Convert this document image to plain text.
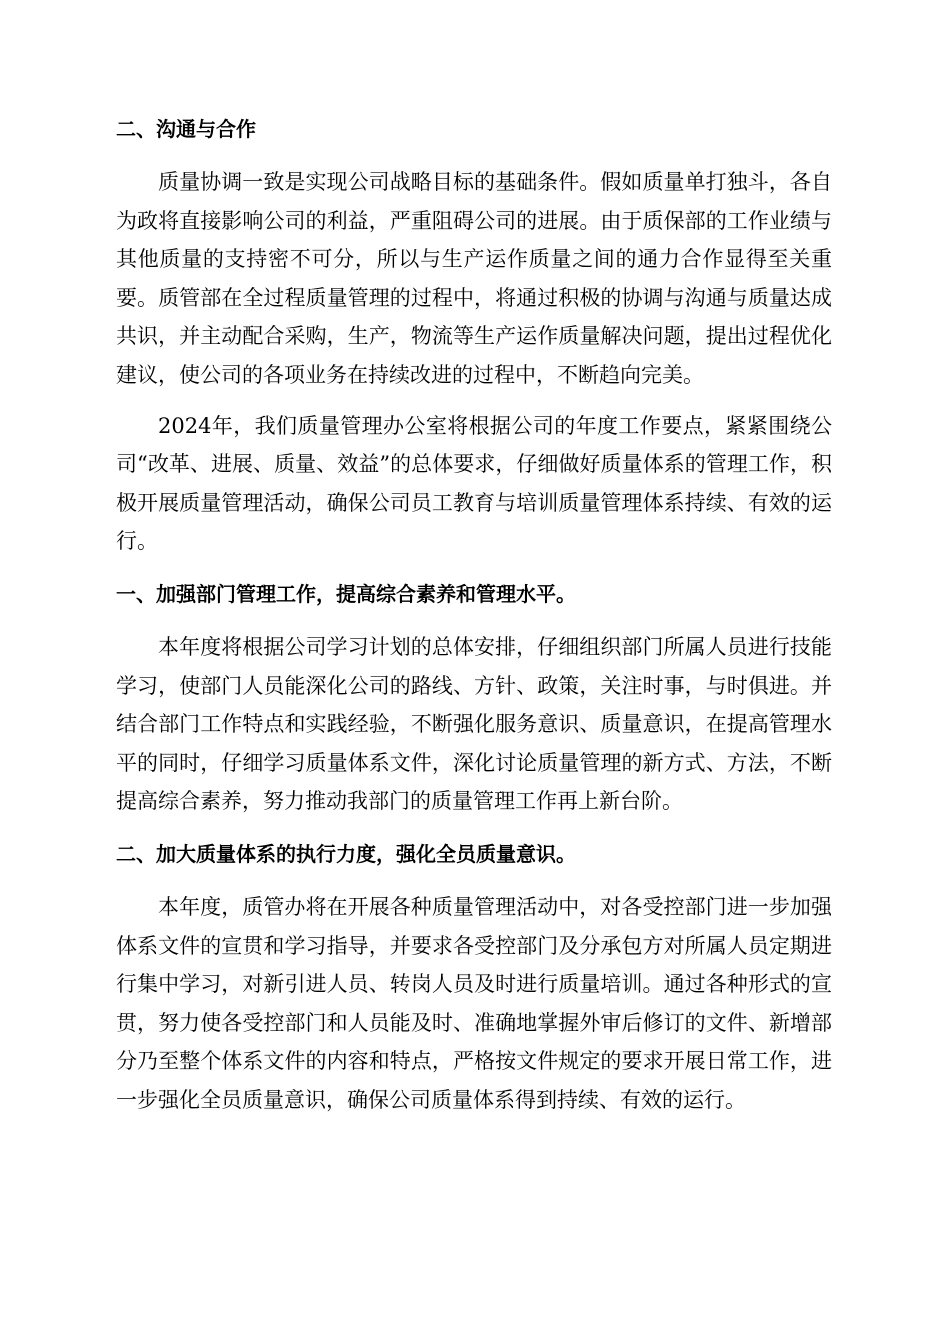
二、沟通与合作

质量协调一致是实现公司战略目标的基础条件。假如质量单打独斗，各自为政将直接影响公司的利益，严重阻碍公司的进展。由于质保部的工作业绩与其他质量的支持密不可分，所以与生产运作质量之间的通力合作显得至关重要。质管部在全过程质量管理的过程中，将通过积极的协调与沟通与质量达成共识，并主动配合采购，生产，物流等生产运作质量解决问题，提出过程优化建议，使公司的各项业务在持续改进的过程中，不断趋向完美。

2024年，我们质量管理办公室将根据公司的年度工作要点，紧紧围绕公司“改革、进展、质量、效益”的总体要求，仔细做好质量体系的管理工作，积极开展质量管理活动，确保公司员工教育与培训质量管理体系持续、有效的运行。

一、加强部门管理工作，提高综合素养和管理水平。

本年度将根据公司学习计划的总体安排，仔细组织部门所属人员进行技能学习，使部门人员能深化公司的路线、方针、政策，关注时事，与时俱进。并结合部门工作特点和实践经验，不断强化服务意识、质量意识，在提高管理水平的同时，仔细学习质量体系文件，深化讨论质量管理的新方式、方法，不断提高综合素养，努力推动我部门的质量管理工作再上新台阶。

二、加大质量体系的执行力度，强化全员质量意识。

本年度，质管办将在开展各种质量管理活动中，对各受控部门进一步加强体系文件的宣贯和学习指导，并要求各受控部门及分承包方对所属人员定期进行集中学习，对新引进人员、转岗人员及时进行质量培训。通过各种形式的宣贯，努力使各受控部门和人员能及时、准确地掌握外审后修订的文件、新增部分乃至整个体系文件的内容和特点，严格按文件规定的要求开展日常工作，进一步强化全员质量意识，确保公司质量体系得到持续、有效的运行。
